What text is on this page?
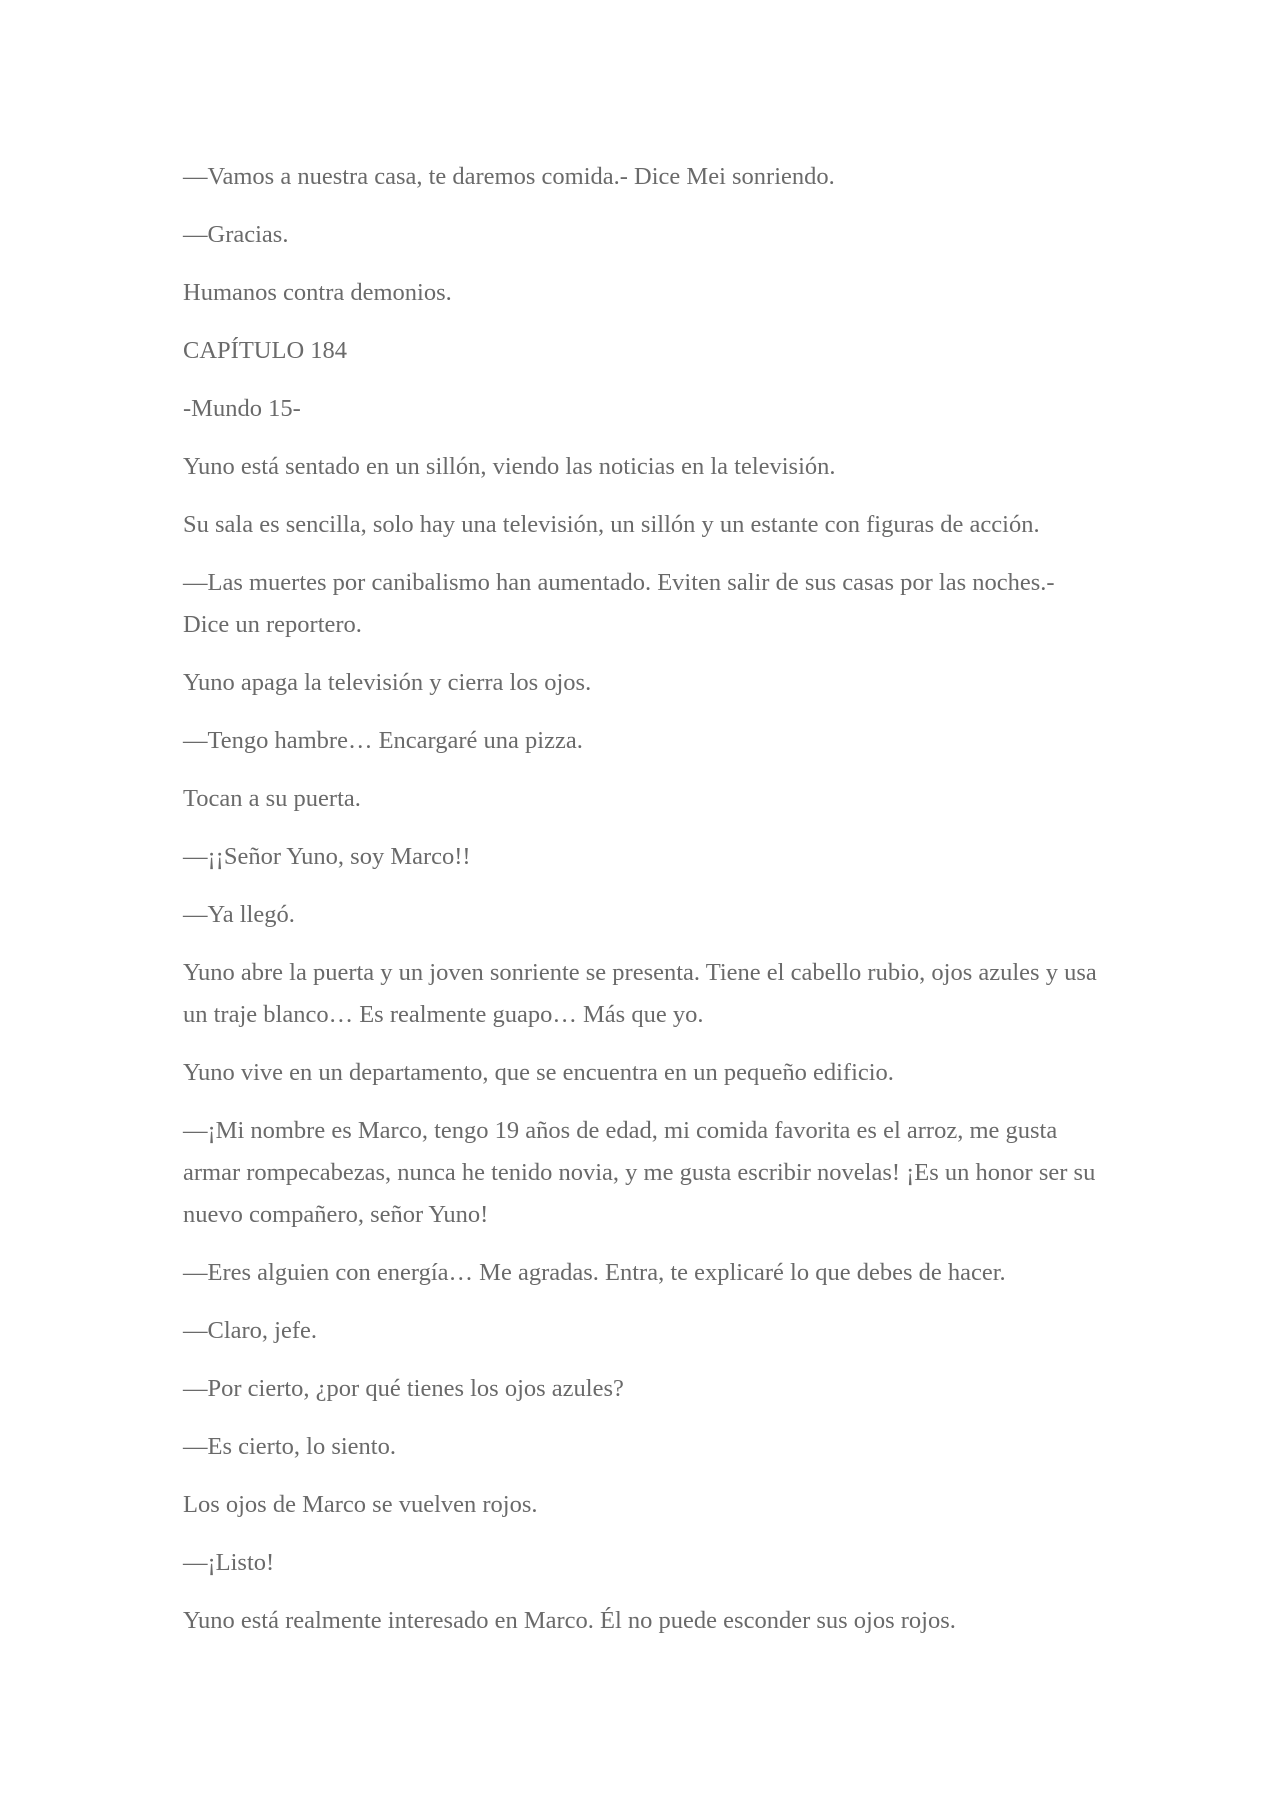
—Vamos a nuestra casa, te daremos comida.- Dice Mei sonriendo.

—Gracias.

Humanos contra demonios.

CAPÍTULO 184

-Mundo 15-

Yuno está sentado en un sillón, viendo las noticias en la televisión.

Su sala es sencilla, solo hay una televisión, un sillón y un estante con figuras de acción.

—Las muertes por canibalismo han aumentado. Eviten salir de sus casas por las noches.- Dice un reportero.

Yuno apaga la televisión y cierra los ojos.

—Tengo hambre… Encargaré una pizza.

Tocan a su puerta.

—¡¡Señor Yuno, soy Marco!!

—Ya llegó.

Yuno abre la puerta y un joven sonriente se presenta. Tiene el cabello rubio, ojos azules y usa un traje blanco… Es realmente guapo… Más que yo.

Yuno vive en un departamento, que se encuentra en un pequeño edificio.

—¡Mi nombre es Marco, tengo 19 años de edad, mi comida favorita es el arroz, me gusta armar rompecabezas, nunca he tenido novia, y me gusta escribir novelas! ¡Es un honor ser su nuevo compañero, señor Yuno!

—Eres alguien con energía… Me agradas. Entra, te explicaré lo que debes de hacer.

—Claro, jefe.

—Por cierto, ¿por qué tienes los ojos azules?

—Es cierto, lo siento.

Los ojos de Marco se vuelven rojos.

—¡Listo!

Yuno está realmente interesado en Marco. Él no puede esconder sus ojos rojos.
